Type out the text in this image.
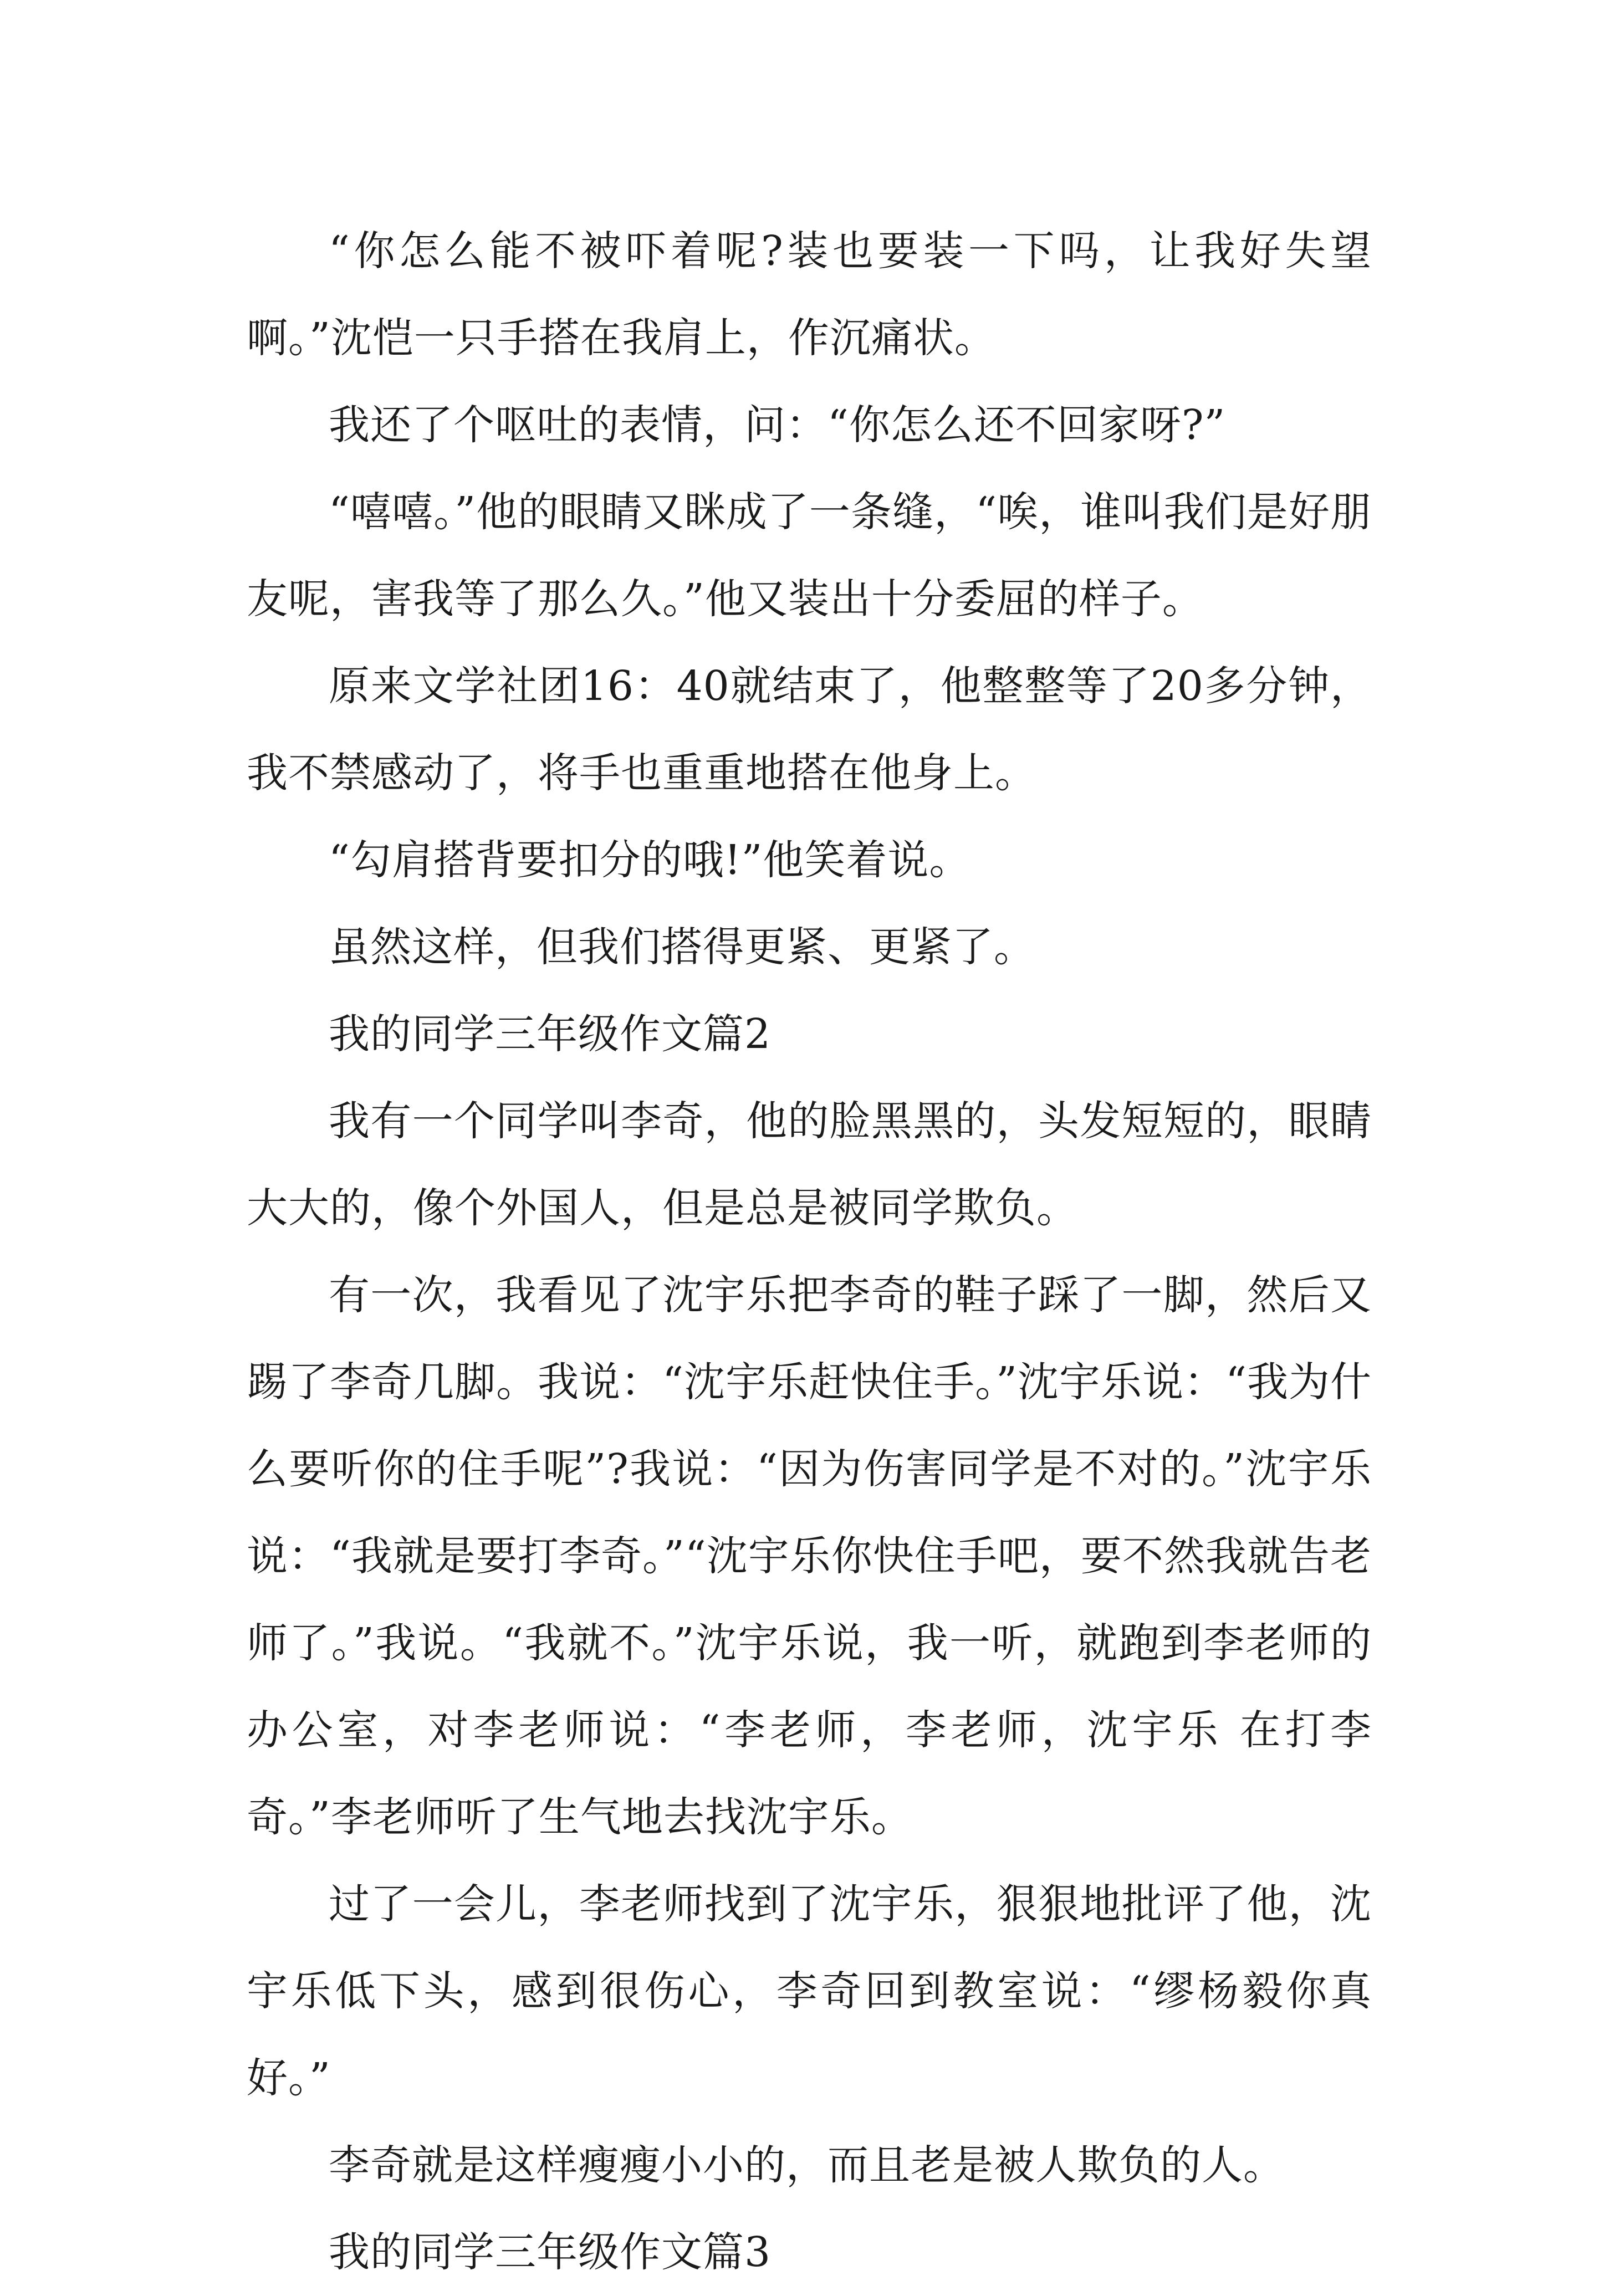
“你怎么能不被吓着呢?装也要装一下吗，让我好失望啊。”沈恺一只手搭在我肩上，作沉痛状。

我还了个呕吐的表情，问：“你怎么还不回家呀?”

“嘻嘻。”他的眼睛又眯成了一条缝，“唉，谁叫我们是好朋友呢，害我等了那么久。”他又装出十分委屈的样子。

原来文学社团16：40就结束了，他整整等了20多分钟，我不禁感动了，将手也重重地搭在他身上。

“勾肩搭背要扣分的哦!”他笑着说。

虽然这样，但我们搭得更紧、更紧了。

我的同学三年级作文篇2

我有一个同学叫李奇，他的脸黑黑的，头发短短的，眼睛大大的，像个外国人，但是总是被同学欺负。

有一次，我看见了沈宇乐把李奇的鞋子踩了一脚，然后又踢了李奇几脚。我说：“沈宇乐赶快住手。”沈宇乐说：“我为什么要听你的住手呢”?我说：“因为伤害同学是不对的。”沈宇乐说：“我就是要打李奇。”“沈宇乐你快住手吧，要不然我就告老师了。”我说。“我就不。”沈宇乐说，我一听，就跑到李老师的办公室，对李老师说：“李老师，李老师，沈宇乐 在打李奇。”李老师听了生气地去找沈宇乐。

过了一会儿，李老师找到了沈宇乐，狠狠地批评了他，沈宇乐低下头，感到很伤心，李奇回到教室说：“缪杨毅你真好。”

李奇就是这样瘦瘦小小的，而且老是被人欺负的人。

我的同学三年级作文篇3
